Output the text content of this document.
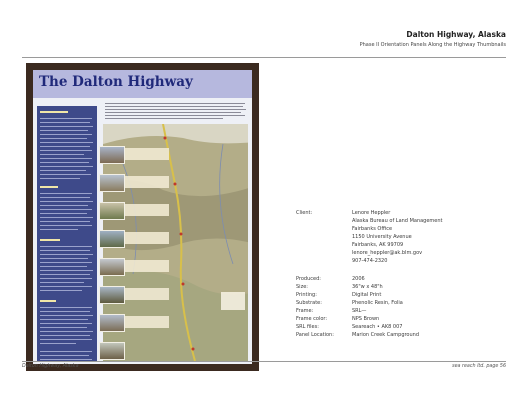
Dalton Highway, Alaska
Phase II Orientation Panels Along the Highway Thumbnails
The Dalton Highway
Client:	Lenore Heppler
Alaska Bureau of Land Management
Fairbanks Office
1150 University Avenue
Fairbanks, AK 99709
lenore_heppler@ak.blm.gov
907-474-2320
Produced:	2006
Size:	36"w x 48"h
Printing:	Digital Print
Substrate:	Phenolic Resin, Folia
Frame:	SRL—
Frame color:	NPS Brown
SRL files:	Seareach • AK8 007
Panel Location:	Marion Creek Campground
Dalton Highway, Alaska	sea reach ltd. page 56
